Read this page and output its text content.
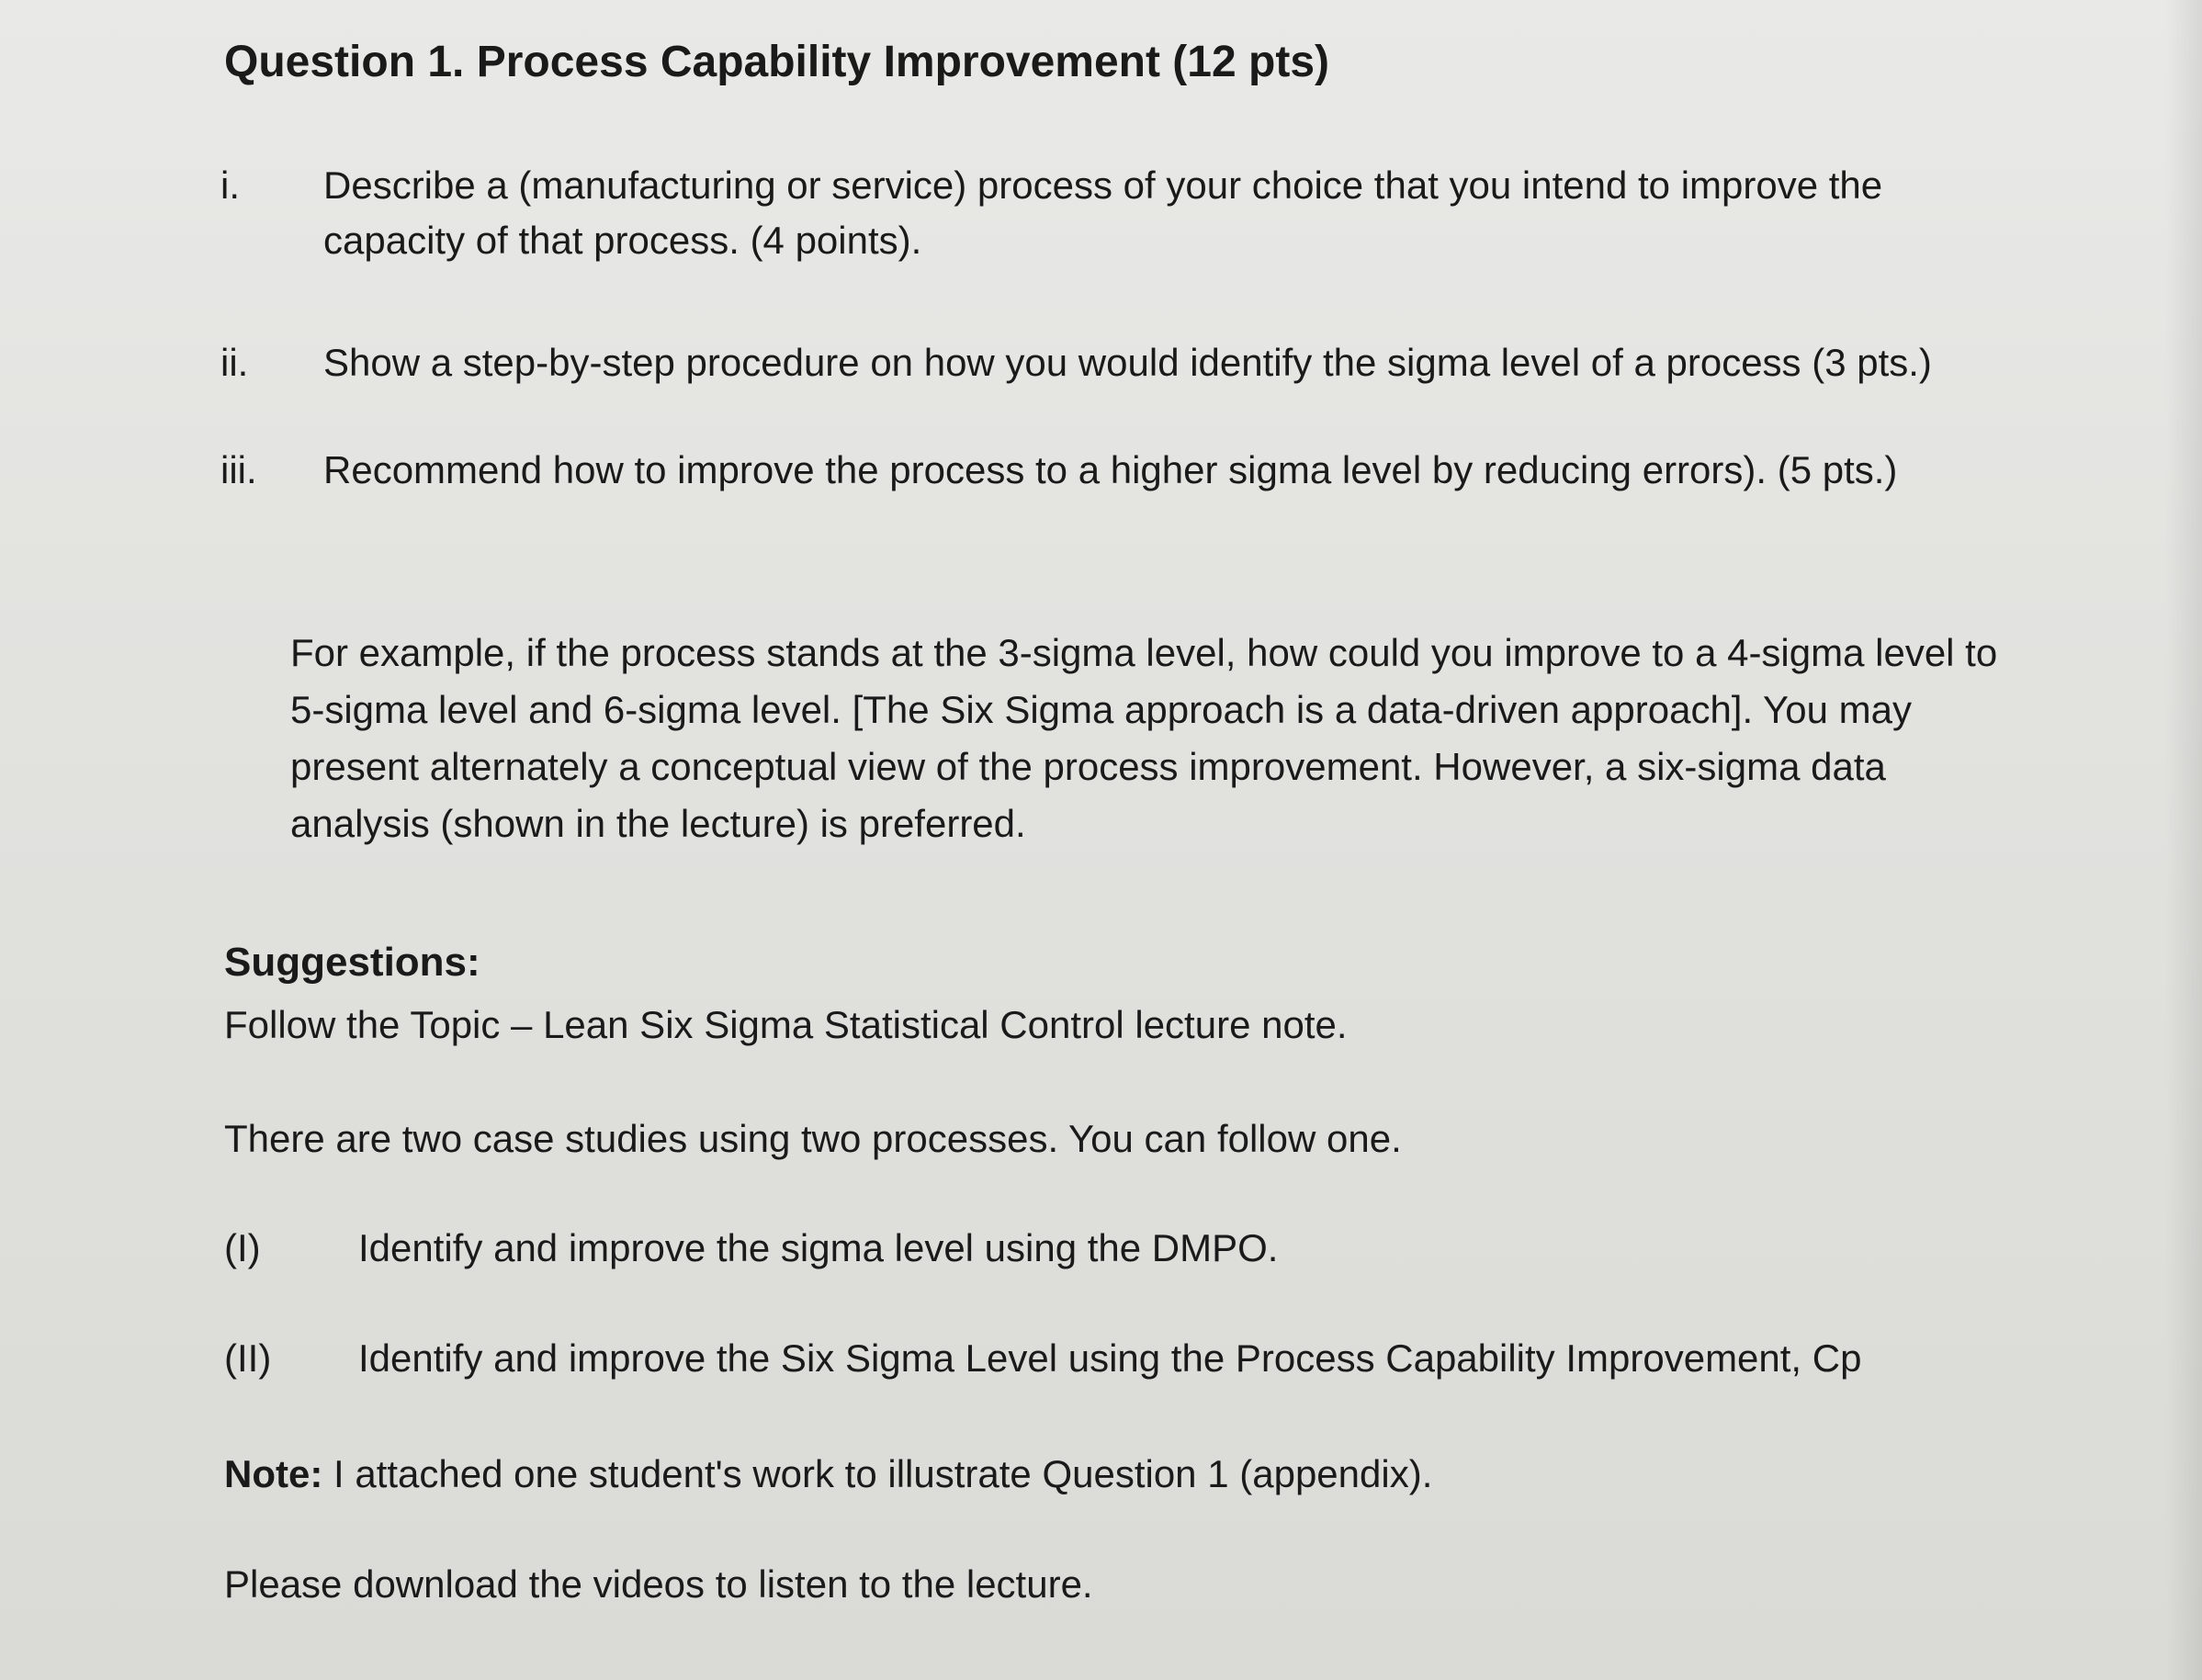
Question 1. Process Capability Improvement (12 pts)
i.	Describe a (manufacturing or service) process of your choice that you intend to improve the capacity of that process. (4 points).
ii.	Show a step-by-step procedure on how you would identify the sigma level of a process (3 pts.)
iii.	Recommend how to improve the process to a higher sigma level by reducing errors). (5 pts.)
For example, if the process stands at the 3-sigma level, how could you improve to a 4-sigma level to 5-sigma level and 6-sigma level. [The Six Sigma approach is a data-driven approach]. You may present alternately a conceptual view of the process improvement. However, a six-sigma data analysis (shown in the lecture) is preferred.
Suggestions:
Follow the Topic – Lean Six Sigma Statistical Control lecture note.
There are two case studies using two processes. You can follow one.
(I)	Identify and improve the sigma level using the DMPO.
(II)	Identify and improve the Six Sigma Level using the Process Capability Improvement, Cp
Note: I attached one student's work to illustrate Question 1 (appendix).
Please download the videos to listen to the lecture.
